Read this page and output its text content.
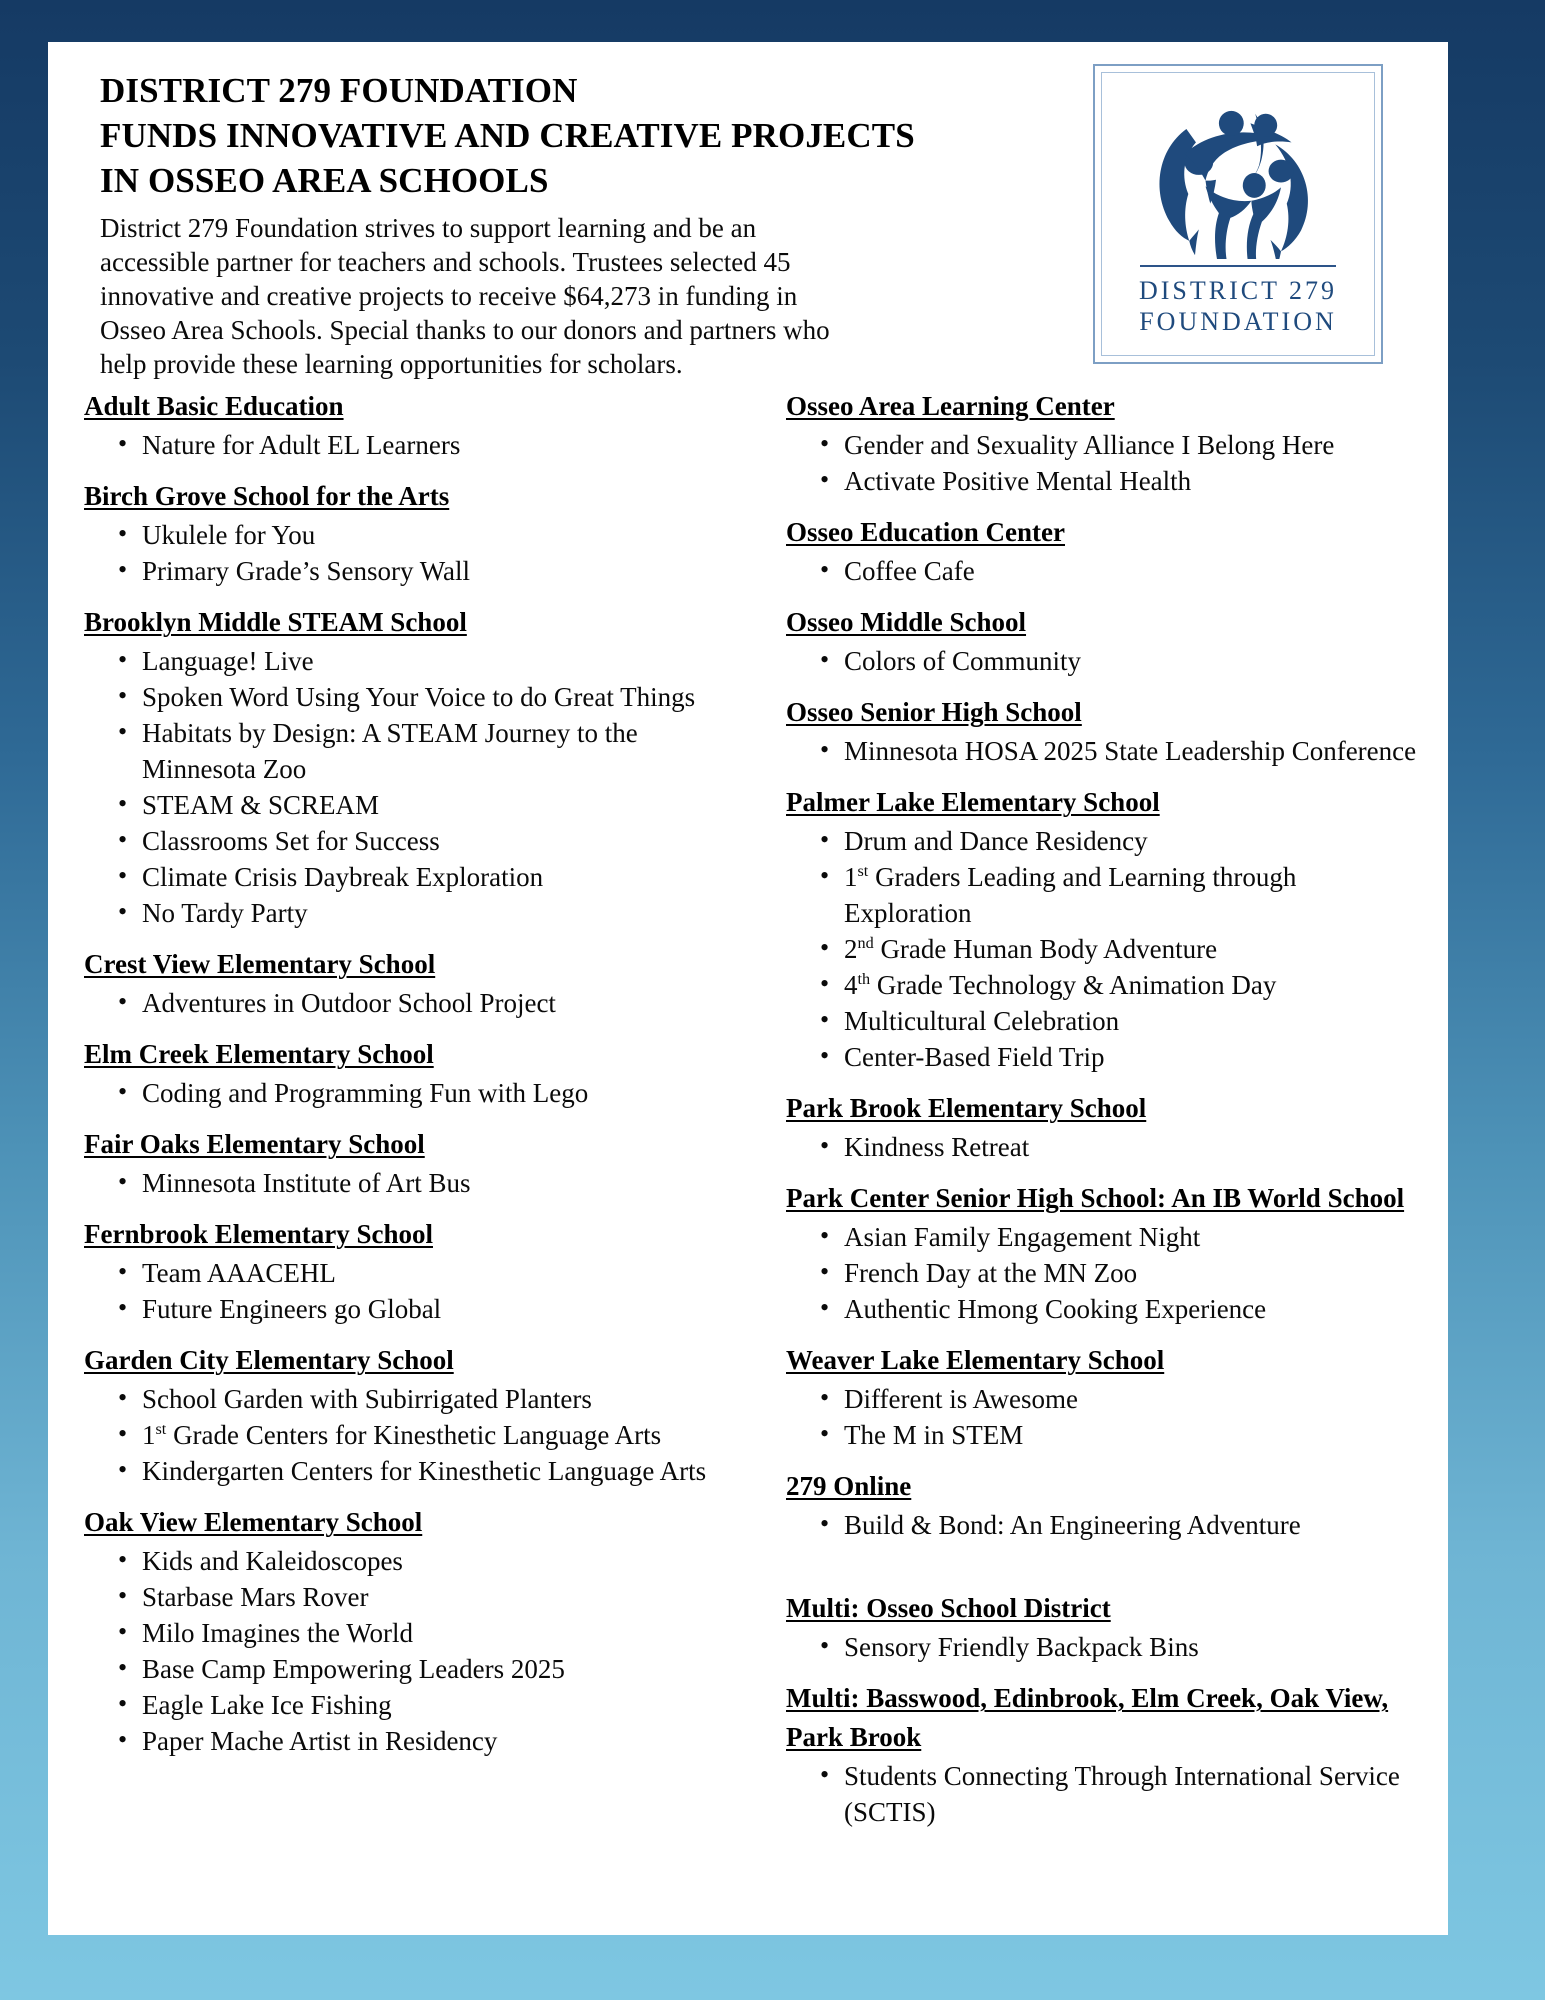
DISTRICT 279 FOUNDATION
FUNDS INNOVATIVE AND CREATIVE PROJECTS
IN OSSEO AREA SCHOOLS

District 279 Foundation strives to support learning and be an accessible partner for teachers and schools. Trustees selected 45 innovative and creative projects to receive $64,273 in funding in Osseo Area Schools. Special thanks to our donors and partners who help provide these learning opportunities for scholars.

DISTRICT 279
FOUNDATION
Adult Basic Education
• Nature for Adult EL Learners
Birch Grove School for the Arts
• Ukulele for You
• Primary Grade’s Sensory Wall
Brooklyn Middle STEAM School
• Language! Live
• Spoken Word Using Your Voice to do Great Things
• Habitats by Design: A STEAM Journey to the Minnesota Zoo
• STEAM & SCREAM
• Classrooms Set for Success
• Climate Crisis Daybreak Exploration
• No Tardy Party
Crest View Elementary School
• Adventures in Outdoor School Project
Elm Creek Elementary School
• Coding and Programming Fun with Lego
Fair Oaks Elementary School
• Minnesota Institute of Art Bus
Fernbrook Elementary School
• Team AAACEHL
• Future Engineers go Global
Garden City Elementary School
• School Garden with Subirrigated Planters
• 1st Grade Centers for Kinesthetic Language Arts
• Kindergarten Centers for Kinesthetic Language Arts
Oak View Elementary School
• Kids and Kaleidoscopes
• Starbase Mars Rover
• Milo Imagines the World
• Base Camp Empowering Leaders 2025
• Eagle Lake Ice Fishing
• Paper Mache Artist in Residency
Osseo Area Learning Center
• Gender and Sexuality Alliance I Belong Here
• Activate Positive Mental Health
Osseo Education Center
• Coffee Cafe
Osseo Middle School
• Colors of Community
Osseo Senior High School
• Minnesota HOSA 2025 State Leadership Conference
Palmer Lake Elementary School
• Drum and Dance Residency
• 1st Graders Leading and Learning through Exploration
• 2nd Grade Human Body Adventure
• 4th Grade Technology & Animation Day
• Multicultural Celebration
• Center-Based Field Trip
Park Brook Elementary School
• Kindness Retreat
Park Center Senior High School: An IB World School
• Asian Family Engagement Night
• French Day at the MN Zoo
• Authentic Hmong Cooking Experience
Weaver Lake Elementary School
• Different is Awesome
• The M in STEM
279 Online
• Build & Bond: An Engineering Adventure
Multi: Osseo School District
• Sensory Friendly Backpack Bins
Multi: Basswood, Edinbrook, Elm Creek, Oak View, Park Brook
• Students Connecting Through International Service (SCTIS)
